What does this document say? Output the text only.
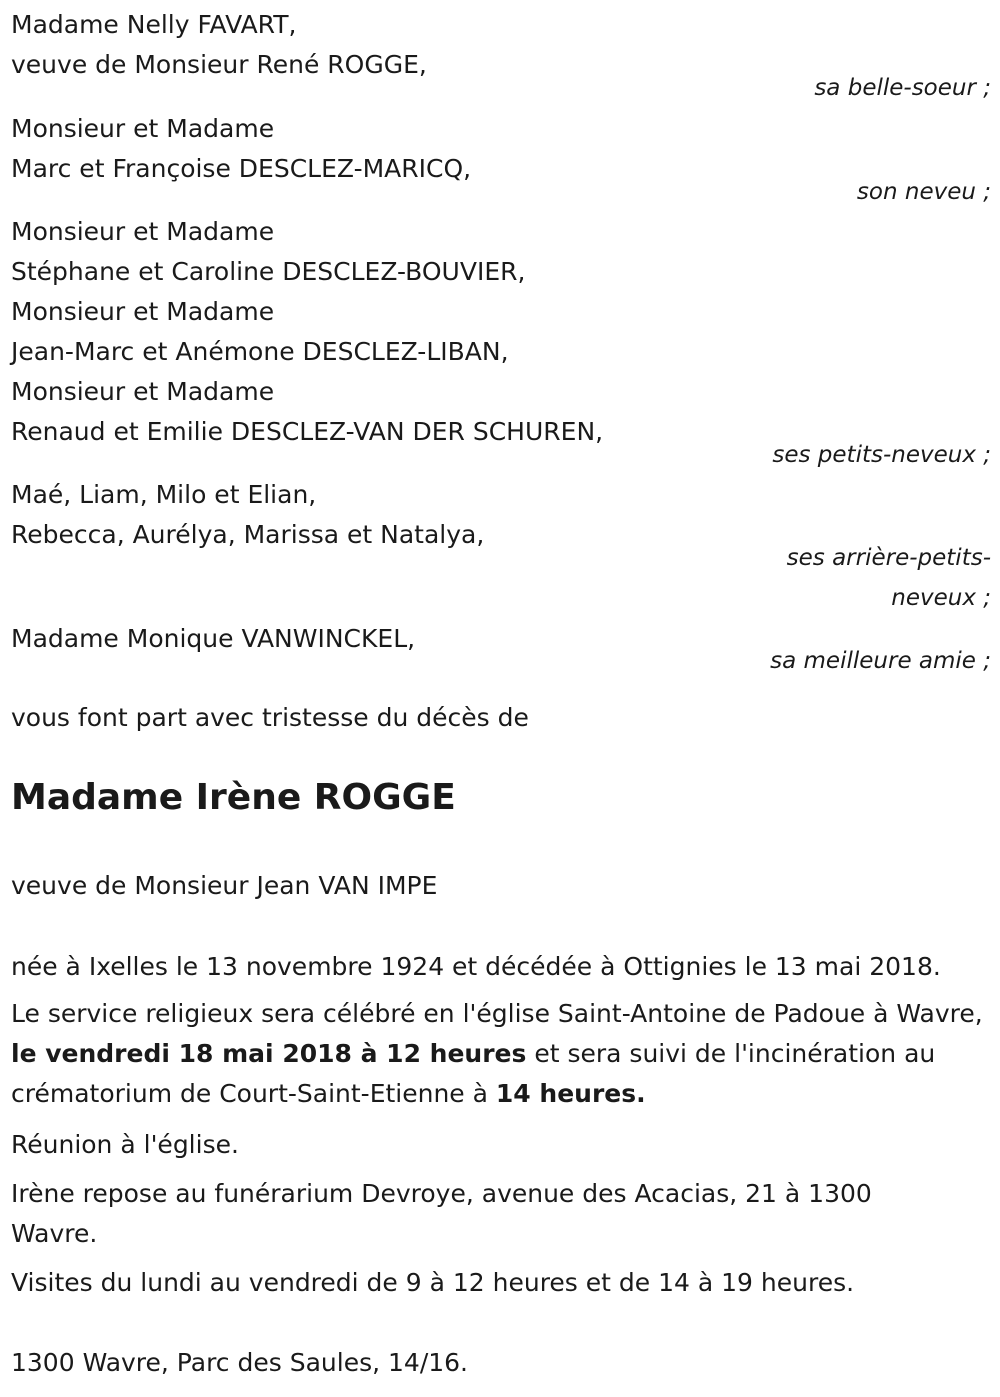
Madame Nelly FAVART,
veuve de Monsieur René ROGGE,
sa belle-soeur ;
Monsieur et Madame
Marc et Françoise DESCLEZ-MARICQ,
son neveu ;
Monsieur et Madame
Stéphane et Caroline DESCLEZ-BOUVIER,
Monsieur et Madame
Jean-Marc et Anémone DESCLEZ-LIBAN,
Monsieur et Madame
Renaud et Emilie DESCLEZ-VAN DER SCHUREN,
ses petits-neveux ;
Maé, Liam, Milo et Elian,
Rebecca, Aurélya, Marissa et Natalya,
ses arrière-petits-
neveux ;
Madame Monique VANWINCKEL,
sa meilleure amie ;
vous font part avec tristesse du décès de
Madame Irène ROGGE
veuve de Monsieur Jean VAN IMPE
née à Ixelles le 13 novembre 1924 et décédée à Ottignies le 13 mai 2018.
Le service religieux sera célébré en l'église Saint-Antoine de Padoue à Wavre, le vendredi 18 mai 2018 à 12 heures et sera suivi de l'incinération au crématorium de Court-Saint-Etienne à 14 heures.
Réunion à l'église.
Irène repose au funérarium Devroye, avenue des Acacias, 21 à 1300 Wavre.
Visites du lundi au vendredi de 9 à 12 heures et de 14 à 19 heures.
1300 Wavre, Parc des Saules, 14/16.
